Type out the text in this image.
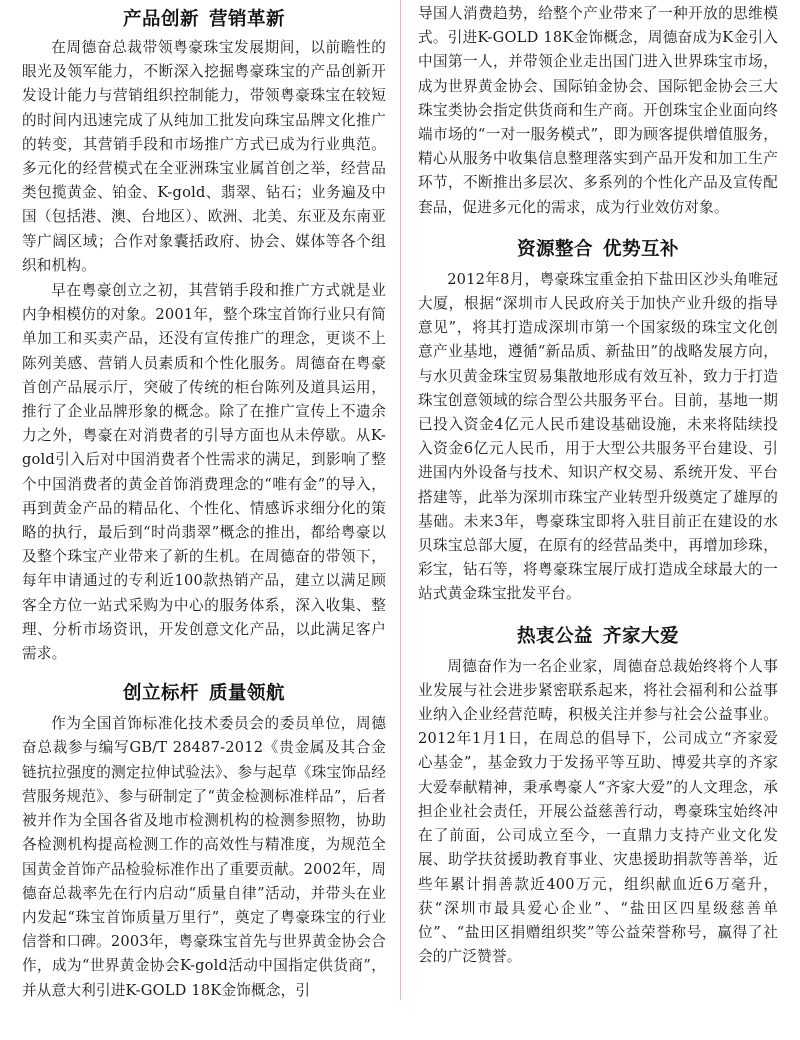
产品创新 营销革新

在周德奋总裁带领粤豪珠宝发展期间，以前瞻性的眼光及领军能力，不断深入挖掘粤豪珠宝的产品创新开发设计能力与营销组织控制能力，带领粤豪珠宝在较短的时间内迅速完成了从纯加工批发向珠宝品牌文化推广的转变，其营销手段和市场推广方式已成为行业典范。多元化的经营模式在全亚洲珠宝业属首创之举，经营品类包揽黄金、铂金、K-gold、翡翠、钻石；业务遍及中国（包括港、澳、台地区）、欧洲、北美、东亚及东南亚等广阔区域；合作对象囊括政府、协会、媒体等各个组织和机构。

早在粤豪创立之初，其营销手段和推广方式就是业内争相模仿的对象。2001年，整个珠宝首饰行业只有简单加工和买卖产品，还没有宣传推广的理念，更谈不上陈列美感、营销人员素质和个性化服务。周德奋在粤豪首创产品展示厅，突破了传统的柜台陈列及道具运用，推行了企业品牌形象的概念。除了在推广宣传上不遗余力之外，粤豪在对消费者的引导方面也从未停歇。从K-gold引入后对中国消费者个性需求的满足，到影响了整个中国消费者的黄金首饰消费理念的“唯有金”的导入，再到黄金产品的精品化、个性化、情感诉求细分化的策略的执行，最后到“时尚翡翠”概念的推出，都给粤豪以及整个珠宝产业带来了新的生机。在周德奋的带领下，每年申请通过的专利近100款热销产品，建立以满足顾客全方位一站式采购为中心的服务体系，深入收集、整理、分析市场资讯，开发创意文化产品，以此满足客户需求。

创立标杆 质量领航

作为全国首饰标准化技术委员会的委员单位，周德奋总裁参与编写GB/T 28487-2012《贵金属及其合金链抗拉强度的测定拉伸试验法》、参与起草《珠宝饰品经营服务规范》、参与研制定了“黄金检测标准样品”，后者被并作为全国各省及地市检测机构的检测参照物，协助各检测机构提高检测工作的高效性与精准度，为规范全国黄金首饰产品检验标准作出了重要贡献。2002年，周德奋总裁率先在行内启动“质量自律”活动，并带头在业内发起“珠宝首饰质量万里行”，奠定了粤豪珠宝的行业信誉和口碑。2003年，粤豪珠宝首先与世界黄金协会合作，成为“世界黄金协会K-gold活动中国指定供货商”，并从意大利引进K-GOLD 18K金饰概念，引

导国人消费趋势，给整个产业带来了一种开放的思维模式。引进K-GOLD 18K金饰概念，周德奋成为K金引入中国第一人，并带领企业走出国门进入世界珠宝市场，成为世界黄金协会、国际铂金协会、国际钯金协会三大珠宝类协会指定供货商和生产商。开创珠宝企业面向终端市场的“一对一服务模式”，即为顾客提供增值服务，精心从服务中收集信息整理落实到产品开发和加工生产环节，不断推出多层次、多系列的个性化产品及宣传配套品，促进多元化的需求，成为行业效仿对象。

资源整合 优势互补

2012年8月，粤豪珠宝重金拍下盐田区沙头角唯冠大厦，根据“深圳市人民政府关于加快产业升级的指导意见”，将其打造成深圳市第一个国家级的珠宝文化创意产业基地，遵循“新品质、新盐田”的战略发展方向，与水贝黄金珠宝贸易集散地形成有效互补，致力于打造珠宝创意领域的综合型公共服务平台。目前，基地一期已投入资金4亿元人民币建设基础设施，未来将陆续投入资金6亿元人民币，用于大型公共服务平台建设、引进国内外设备与技术、知识产权交易、系统开发、平台搭建等，此举为深圳市珠宝产业转型升级奠定了雄厚的基础。未来3年，粤豪珠宝即将入驻目前正在建设的水贝珠宝总部大厦，在原有的经营品类中，再增加珍珠，彩宝，钻石等，将粤豪珠宝展厅成打造成全球最大的一站式黄金珠宝批发平台。

热衷公益 齐家大爱

周德奋作为一名企业家，周德奋总裁始终将个人事业发展与社会进步紧密联系起来，将社会福利和公益事业纳入企业经营范畴，积极关注并参与社会公益事业。2012年1月1日，在周总的倡导下，公司成立“齐家爱心基金”，基金致力于发扬平等互助、博爱共享的齐家大爱奉献精神，秉承粤豪人“齐家大爱”的人文理念，承担企业社会责任，开展公益慈善行动，粤豪珠宝始终冲在了前面，公司成立至今，一直鼎力支持产业文化发展、助学扶贫援助教育事业、灾患援助捐款等善举，近些年累计捐善款近400万元，组织献血近6万毫升，获“深圳市最具爱心企业”、“盐田区四星级慈善单位”、“盐田区捐赠组织奖”等公益荣誉称号，赢得了社会的广泛赞誉。
